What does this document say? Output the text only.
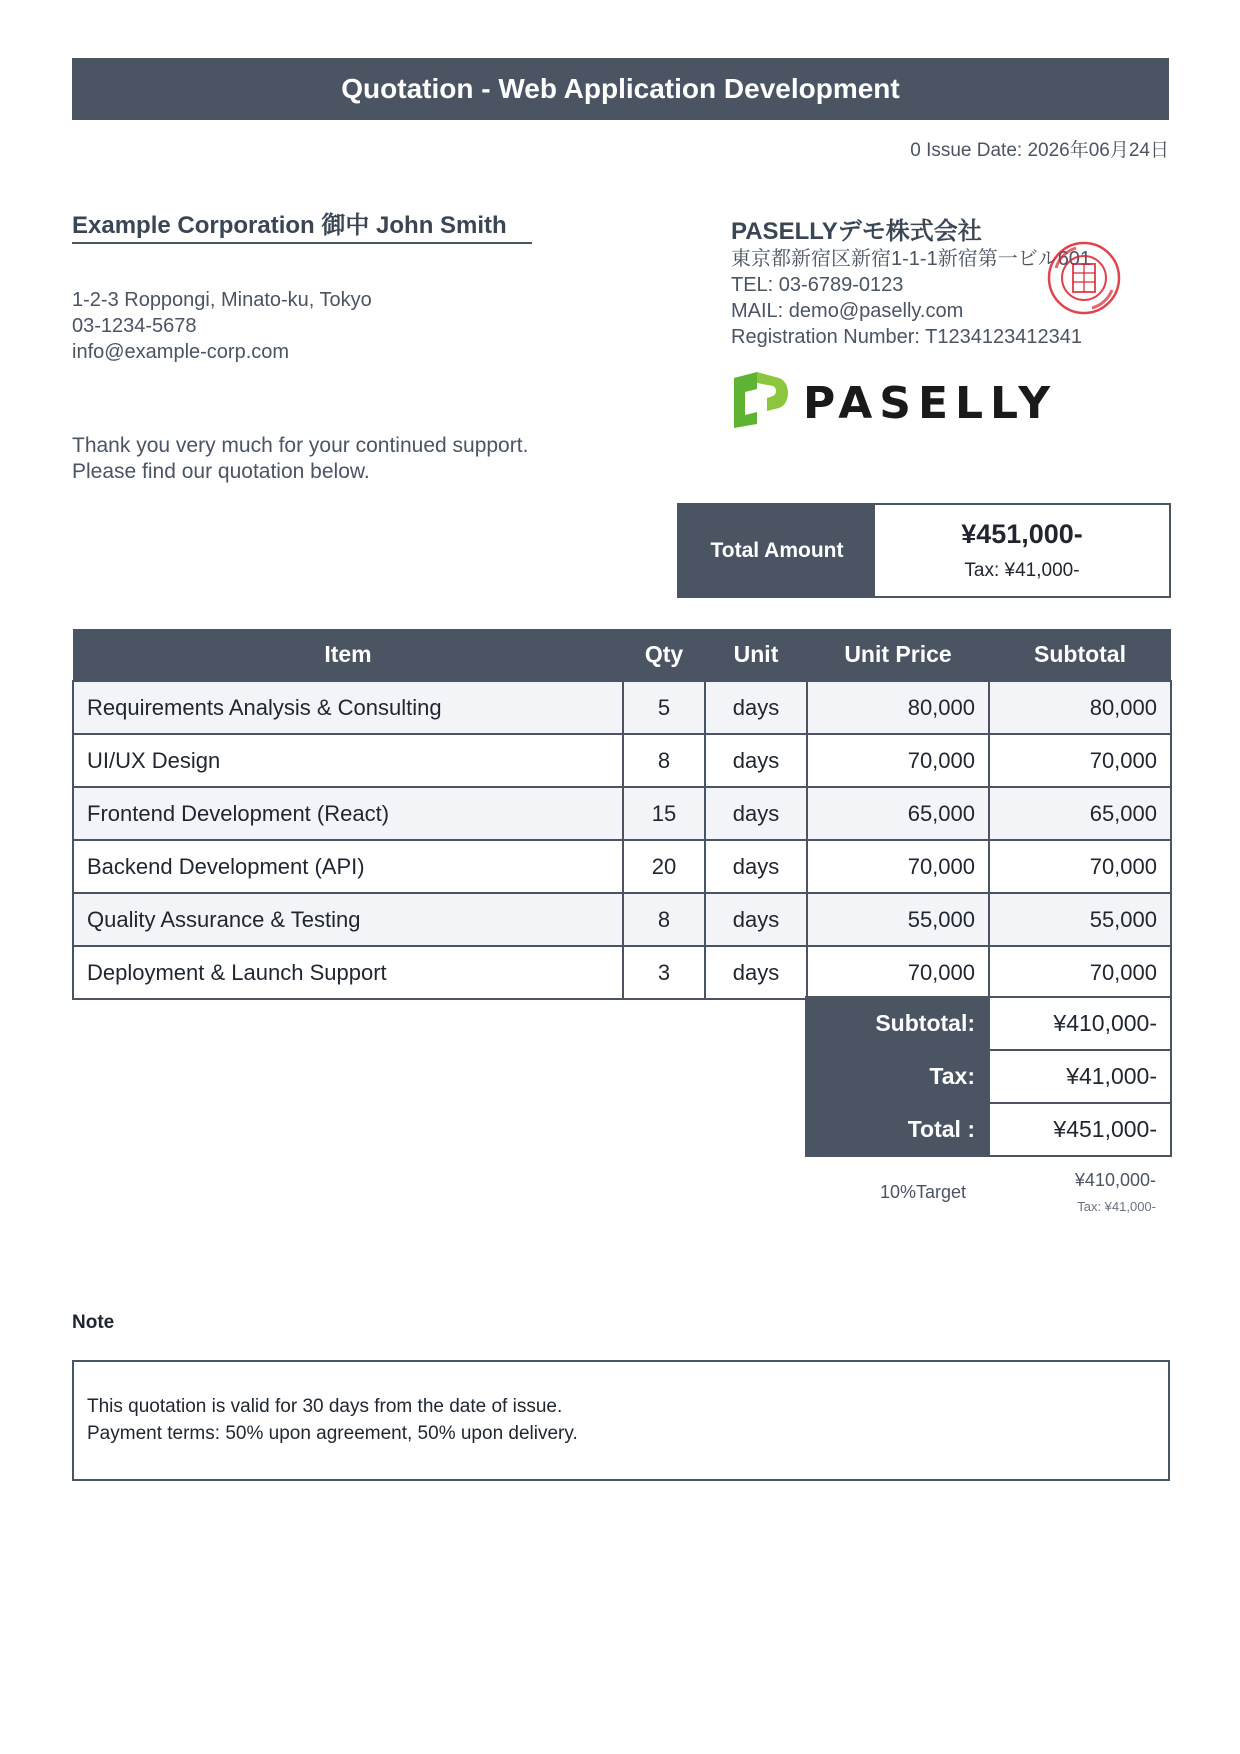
Quotation - Web Application Development
0 Issue Date: 2026年06月24日
Example Corporation 御中 John Smith
1-2-3 Roppongi, Minato-ku, Tokyo
03-1234-5678
info@example-corp.com
Thank you very much for your continued support.
Please find our quotation below.
PASELLYデモ株式会社
東京都新宿区新宿1-1-1新宿第一ビル601
TEL: 03-6789-0123
MAIL: demo@paselly.com
Registration Number: T1234123412341
PASELLY
Total Amount
¥451,000-
Tax: ¥41,000-
Item	Qty	Unit	Unit Price	Subtotal
Requirements Analysis & Consulting	5	days	80,000	80,000
UI/UX Design	8	days	70,000	70,000
Frontend Development (React)	15	days	65,000	65,000
Backend Development (API)	20	days	70,000	70,000
Quality Assurance & Testing	8	days	55,000	55,000
Deployment & Launch Support	3	days	70,000	70,000
Subtotal:	¥410,000-
Tax:	¥41,000-
Total :	¥451,000-
10%Target
¥410,000-
Tax: ¥41,000-
Note
This quotation is valid for 30 days from the date of issue.
Payment terms: 50% upon agreement, 50% upon delivery.
